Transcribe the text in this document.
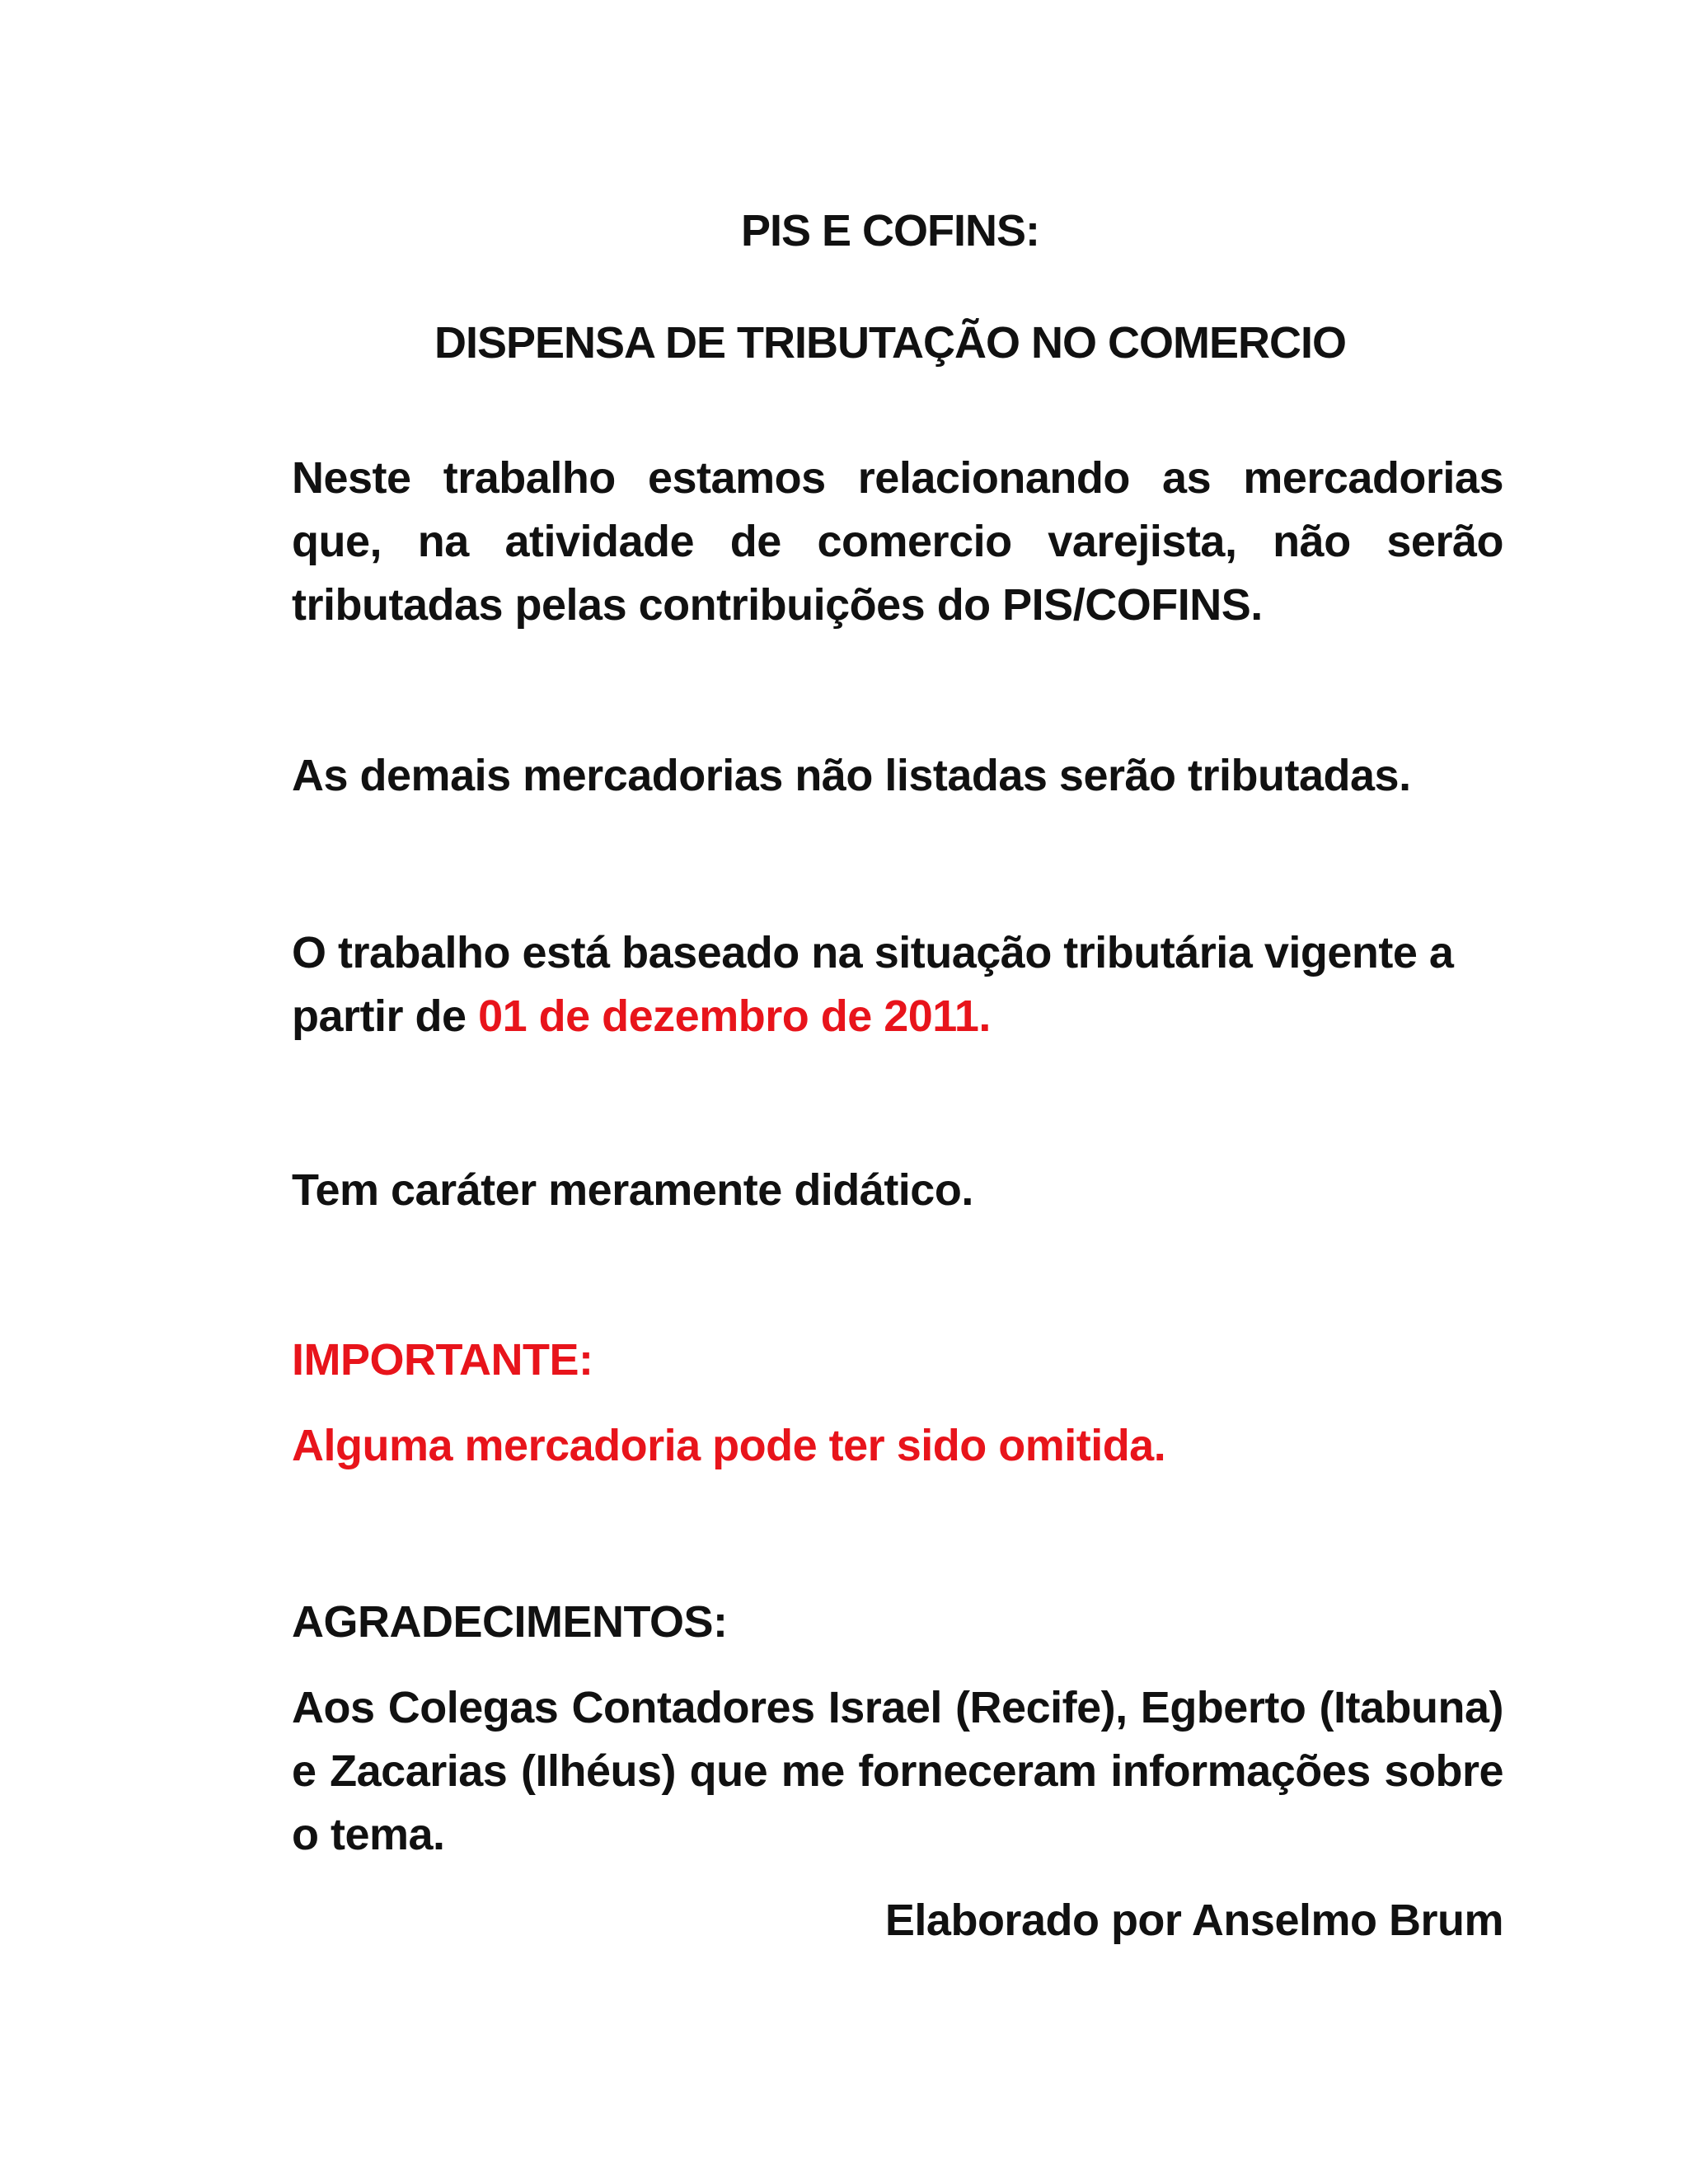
PIS E COFINS:
DISPENSA DE TRIBUTAÇÃO NO COMERCIO

Neste trabalho estamos relacionando as mercadorias que, na atividade de comercio varejista, não serão tributadas pelas contribuições do PIS/COFINS.

As demais mercadorias não listadas serão tributadas.

O trabalho está baseado na situação tributária vigente a partir de 01 de dezembro de 2011.

Tem caráter meramente didático.

IMPORTANTE:

Alguma mercadoria pode ter sido omitida.

AGRADECIMENTOS:

Aos Colegas Contadores Israel (Recife), Egberto (Itabuna) e Zacarias (Ilhéus) que me forneceram informações sobre o tema.

Elaborado por Anselmo Brum
